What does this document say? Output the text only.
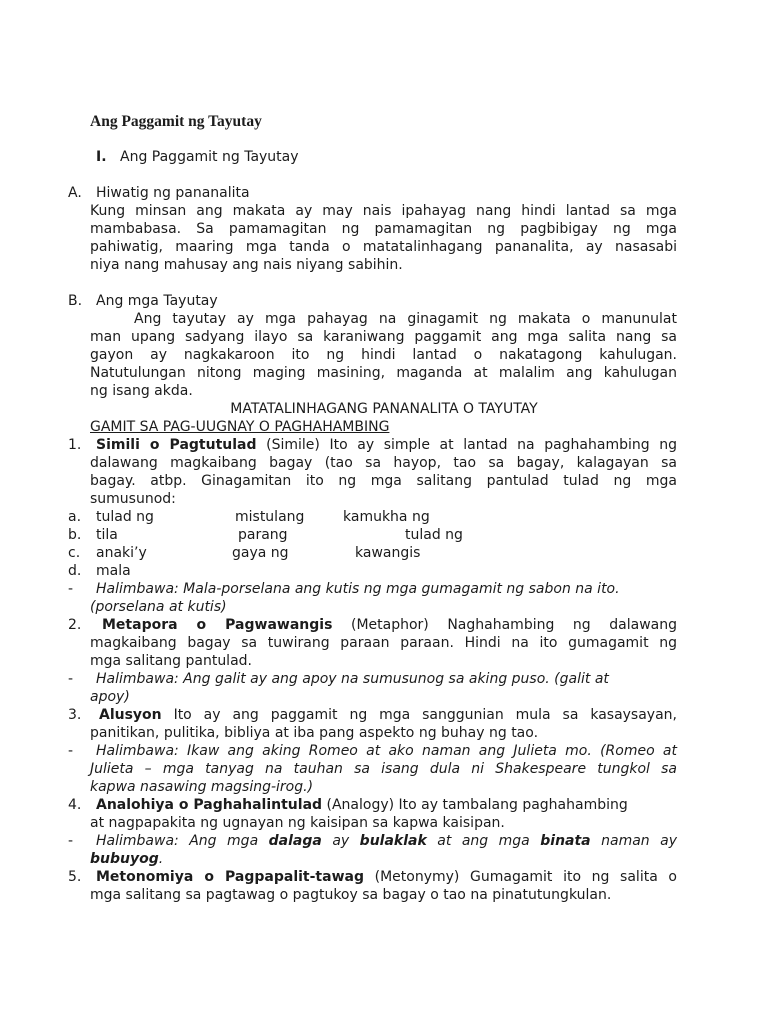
Ang Paggamit ng Tayutay
I. Ang Paggamit ng Tayutay
A. Hiwatig ng pananalita
Kung minsan ang makata ay may nais ipahayag nang hindi lantad sa mga
mambabasa. Sa pamamagitan ng pamamagitan ng pagbibigay ng mga
pahiwatig, maaring mga tanda o matatalinhagang pananalita, ay nasasabi
niya nang mahusay ang nais niyang sabihin.
B. Ang mga Tayutay
Ang tayutay ay mga pahayag na ginagamit ng makata o manunulat
man upang sadyang ilayo sa karaniwang paggamit ang mga salita nang sa
gayon ay nagkakaroon ito ng hindi lantad o nakatagong kahulugan.
Natutulungan nitong maging masining, maganda at malalim ang kahulugan
ng isang akda.
MATATALINHAGANG PANANALITA O TAYUTAY
GAMIT SA PAG-UUGNAY O PAGHAHAMBING
1. Simili o Pagtutulad (Simile) Ito ay simple at lantad na paghahambing ng
dalawang magkaibang bagay (tao sa hayop, tao sa bagay, kalagayan sa
bagay. atbp. Ginagamitan ito ng mga salitang pantulad tulad ng mga
sumusunod:
a. tulad ng	mistulang	kamukha ng
b. tila	parang	tulad ng
c. anaki’y	gaya ng	kawangis
d. mala
- Halimbawa: Mala-porselana ang kutis ng mga gumagamit ng sabon na ito.
(porselana at kutis)
2. Metapora o Pagwawangis (Metaphor) Naghahambing ng dalawang
magkaibang bagay sa tuwirang paraan paraan. Hindi na ito gumagamit ng
mga salitang pantulad.
- Halimbawa: Ang galit ay ang apoy na sumusunog sa aking puso. (galit at
apoy)
3. Alusyon Ito ay ang paggamit ng mga sanggunian mula sa kasaysayan,
panitikan, pulitika, bibliya at iba pang aspekto ng buhay ng tao.
- Halimbawa: Ikaw ang aking Romeo at ako naman ang Julieta mo. (Romeo at
Julieta – mga tanyag na tauhan sa isang dula ni Shakespeare tungkol sa
kapwa nasawing magsing-irog.)
4. Analohiya o Paghahalintulad (Analogy) Ito ay tambalang paghahambing
at nagpapakita ng ugnayan ng kaisipan sa kapwa kaisipan.
- Halimbawa: Ang mga dalaga ay bulaklak at ang mga binata naman ay
bubuyog.
5. Metonomiya o Pagpapalit-tawag (Metonymy) Gumagamit ito ng salita o
mga salitang sa pagtawag o pagtukoy sa bagay o tao na pinatutungkulan.
